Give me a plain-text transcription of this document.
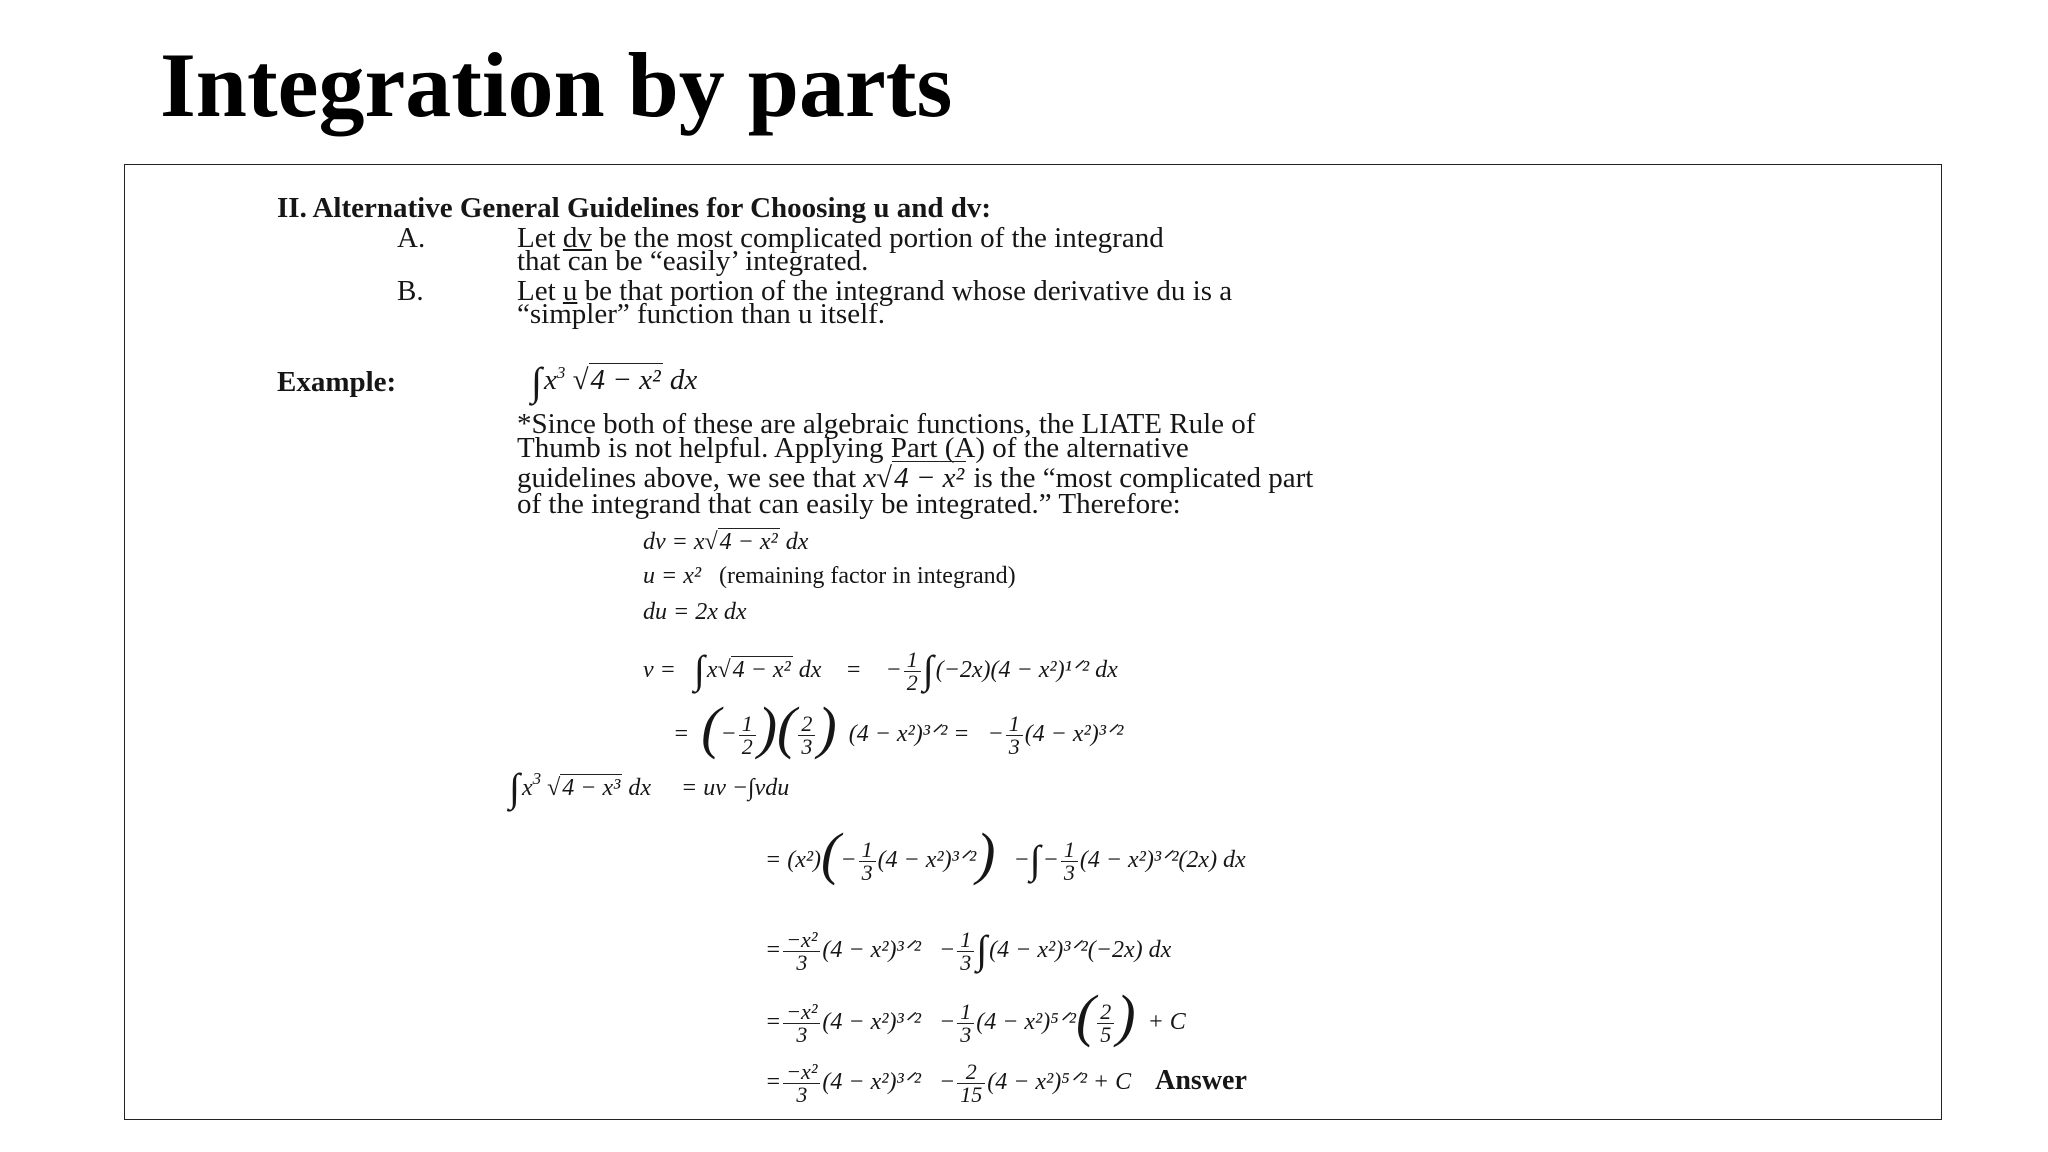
Integration by parts
II. Alternative General Guidelines for Choosing u and dv:
A.	Let dv be the most complicated portion of the integrand
that can be “easily’ integrated.
B.	Let u be that portion of the integrand whose derivative du is a
“simpler” function than u itself.
Example:	$\int x^3$ √4 − x² dx
*Since both of these are algebraic functions, the LIATE Rule of
Thumb is not helpful. Applying Part (A) of the alternative
guidelines above, we see that x√4 − x² is the “most complicated part
of the integrand that can easily be integrated.” Therefore:
dv = x√4 − x² dx
u = x² (remaining factor in integrand)
du = 2x dx
v = ∫x√4 − x² dx    =    − $\frac{1}{2} \int(-2x)(4$ − x²)¹ᐟ² dx
=  (− $\frac{1}{2}$ )( $\frac{2}{3}$ ) (4 − x²)³ᐟ² =   − $\frac{1}{3} (4$ − x²)³ᐟ²
$\int x^3$ √4 − x³ dx     = uv −∫vdu
= $(x^2)(- \frac{1}{3} (4$ − x²)³ᐟ²)   −∫− $\frac{1}{3} (4$ − x²)³ᐟ²(2x) dx
= $\frac{\text{−x²}}{3} (4$ − x²)³ᐟ²   − $\frac{1}{3} \int(4$ − x²)³ᐟ²(−2x) dx
= $\frac{\text{−x²}}{3} (4$ − x²)³ᐟ²   − $\frac{1}{3} (4$ − x²)⁵ᐟ²( $\frac{2}{5}$ ) + C
= $\frac{\text{−x²}}{3} (4$ − x²)³ᐟ²   − $\frac{2}{15} (4$ − x²)⁵ᐟ² + C Answer
